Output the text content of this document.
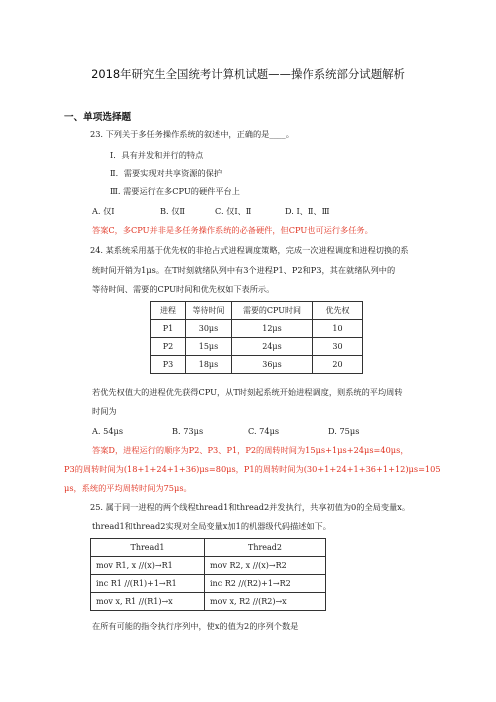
2018年研究生全国统考计算机试题——操作系统部分试题解析
一、单项选择题
23. 下列关于多任务操作系统的叙述中，正确的是____。
Ⅰ．具有并发和并行的特点
Ⅱ．需要实现对共享资源的保护
Ⅲ. 需要运行在多CPU的硬件平台上
A. 仅Ⅰ	B. 仅Ⅱ	C. 仅Ⅰ、Ⅱ	D. Ⅰ、Ⅱ、Ⅲ
答案C，多CPU并非是多任务操作系统的必备硬件，但CPU也可运行多任务。
24. 某系统采用基于优先权的非抢占式进程调度策略，完成一次进程调度和进程切换的系
统时间开销为1μs。在T时刻就绪队列中有3个进程P1、P2和P3，其在就绪队列中的
等待时间、需要的CPU时间和优先权如下表所示。
进程	等待时间	需要的CPU时间	优先权
P1	30μs	12μs	10
P2	15μs	24μs	30
P3	18μs	36μs	20
若优先权值大的进程优先获得CPU，从T时刻起系统开始进程调度，则系统的平均周转
时间为
A. 54μs	B. 73μs	C. 74μs	D. 75μs
答案D，进程运行的顺序为P2、P3、P1，P2的周转时间为15μs+1μs+24μs=40μs，
P3的周转时间为(18+1+24+1+36)μs=80μs，P1的周转时间为(30+1+24+1+36+1+12)μs=105
μs，系统的平均周转时间为75μs。
25. 属于同一进程的两个线程thread1和thread2并发执行，共享初值为0的全局变量x。
thread1和thread2实现对全局变量x加1的机器级代码描述如下。
Thread1	Thread2
mov R1, x //(x)→R1	mov R2, x //(x)→R2
inc R1 //(R1)+1→R1	inc R2 //(R2)+1→R2
mov x, R1 //(R1)→x	mov x, R2 //(R2)→x
在所有可能的指令执行序列中，使x的值为2的序列个数是
